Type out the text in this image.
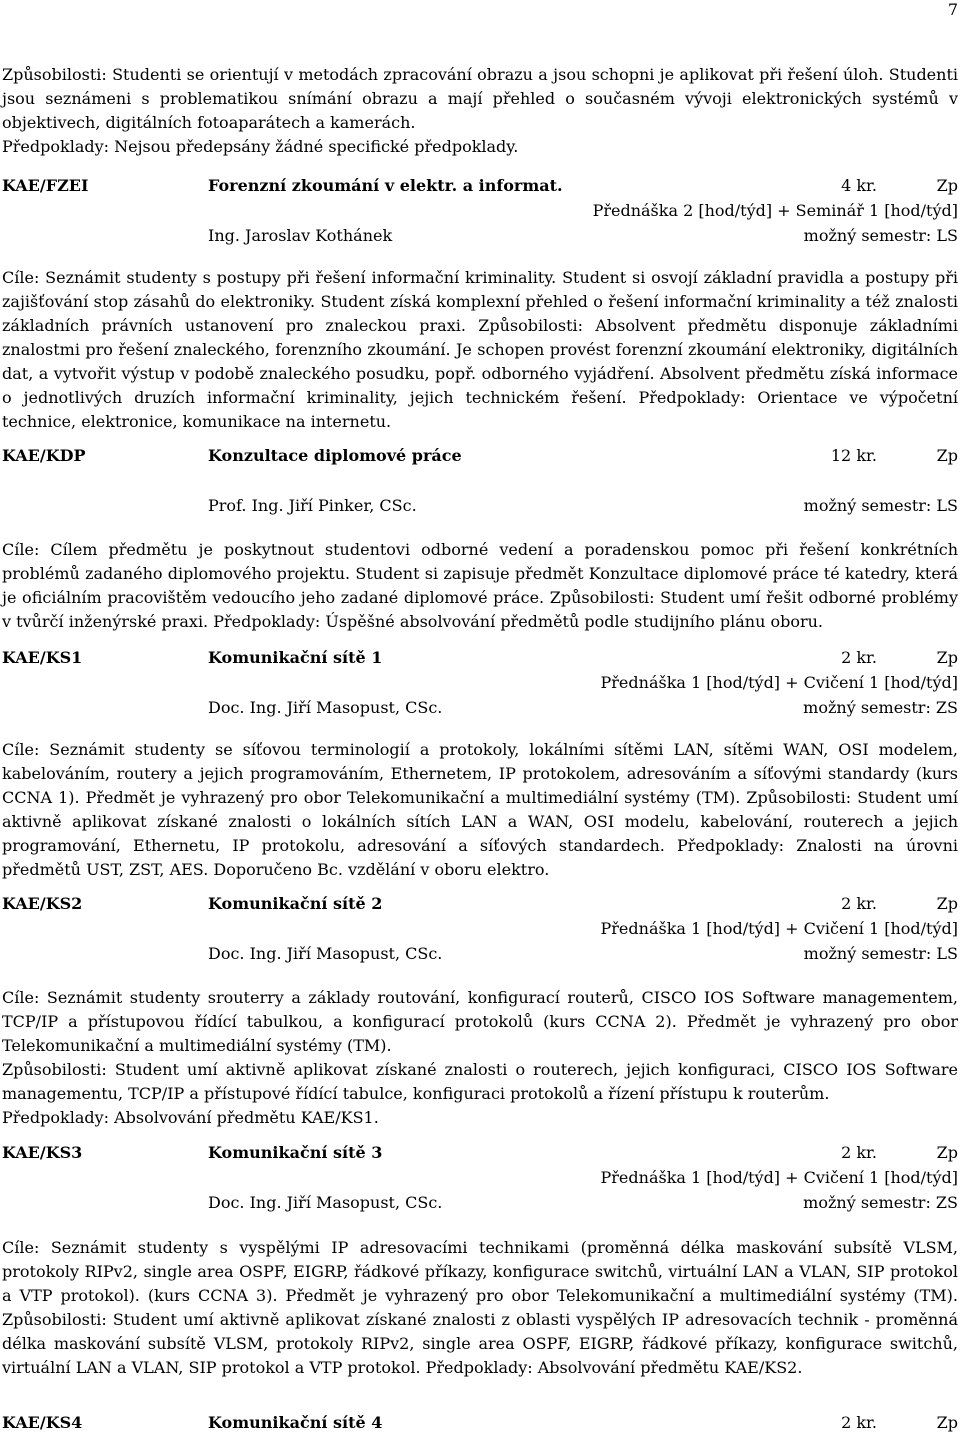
7
Způsobilosti: Studenti se orientují v metodách zpracování obrazu a jsou schopni je aplikovat při řešení úloh. Studenti jsou seznámeni s problematikou snímání obrazu a mají přehled o současném vývoji elektronických systémů v objektivech, digitálních fotoaparátech a kamerách.
Předpoklady: Nejsou předepsány žádné specifické předpoklady.
KAE/FZEI	Forenzní zkoumání v elektr. a informat.	4 kr.	Zp
Přednáška 2 [hod/týd] + Seminář 1 [hod/týd]
Ing. Jaroslav Kothánek	možný semestr: LS
Cíle: Seznámit studenty s postupy při řešení informační kriminality. Student si osvojí základní pravidla a postupy při zajišťování stop zásahů do elektroniky. Student získá komplexní přehled o řešení informační kriminality a též znalosti základních právních ustanovení pro znaleckou praxi. Způsobilosti: Absolvent předmětu disponuje základními znalostmi pro řešení znaleckého, forenzního zkoumání. Je schopen provést forenzní zkoumání elektroniky, digitálních dat, a vytvořit výstup v podobě znaleckého posudku, popř. odborného vyjádření. Absolvent předmětu získá informace o jednotlivých druzích informační kriminality, jejich technickém řešení. Předpoklady: Orientace ve výpočetní technice, elektronice, komunikace na internetu.
KAE/KDP	Konzultace diplomové práce	12 kr.	Zp
Prof. Ing. Jiří Pinker, CSc.	možný semestr: LS
Cíle: Cílem předmětu je poskytnout studentovi odborné vedení a poradenskou pomoc při řešení konkrétních problémů zadaného diplomového projektu. Student si zapisuje předmět Konzultace diplomové práce té katedry, která je oficiálním pracovištěm vedoucího jeho zadané diplomové práce. Způsobilosti: Student umí řešit odborné problémy v tvůrčí inženýrské praxi. Předpoklady: Úspěšné absolvování předmětů podle studijního plánu oboru.
KAE/KS1	Komunikační sítě 1	2 kr.	Zp
Přednáška 1 [hod/týd] + Cvičení 1 [hod/týd]
Doc. Ing. Jiří Masopust, CSc.	možný semestr: ZS
Cíle: Seznámit studenty se síťovou terminologií a protokoly, lokálními sítěmi LAN, sítěmi WAN, OSI modelem, kabelováním, routery a jejich programováním, Ethernetem, IP protokolem, adresováním a síťovými standardy (kurs CCNA 1). Předmět je vyhrazený pro obor Telekomunikační a multimediální systémy (TM). Způsobilosti: Student umí aktivně aplikovat získané znalosti o lokálních sítích LAN a WAN, OSI modelu, kabelování, routerech a jejich programování, Ethernetu, IP protokolu, adresování a síťových standardech. Předpoklady: Znalosti na úrovni předmětů UST, ZST, AES. Doporučeno Bc. vzdělání v oboru elektro.
KAE/KS2	Komunikační sítě 2	2 kr.	Zp
Přednáška 1 [hod/týd] + Cvičení 1 [hod/týd]
Doc. Ing. Jiří Masopust, CSc.	možný semestr: LS
Cíle: Seznámit studenty srouterry a základy routování, konfigurací routerů, CISCO IOS Software managementem, TCP/IP a přístupovou řídící tabulkou, a konfigurací protokolů (kurs CCNA 2). Předmět je vyhrazený pro obor Telekomunikační a multimediální systémy (TM).
Způsobilosti: Student umí aktivně aplikovat získané znalosti o routerech, jejich konfiguraci, CISCO IOS Software managementu, TCP/IP a přístupové řídící tabulce, konfiguraci protokolů a řízení přístupu k routerům.
Předpoklady: Absolvování předmětu KAE/KS1.
KAE/KS3	Komunikační sítě 3	2 kr.	Zp
Přednáška 1 [hod/týd] + Cvičení 1 [hod/týd]
Doc. Ing. Jiří Masopust, CSc.	možný semestr: ZS
Cíle: Seznámit studenty s vyspělými IP adresovacími technikami (proměnná délka maskování subsítě VLSM, protokoly RIPv2, single area OSPF, EIGRP, řádkové příkazy, konfigurace switchů, virtuální LAN a VLAN, SIP protokol a VTP protokol). (kurs CCNA 3). Předmět je vyhrazený pro obor Telekomunikační a multimediální systémy (TM). Způsobilosti: Student umí aktivně aplikovat získané znalosti z oblasti vyspělých IP adresovacích technik - proměnná délka maskování subsítě VLSM, protokoly RIPv2, single area OSPF, EIGRP, řádkové příkazy, konfigurace switchů, virtuální LAN a VLAN, SIP protokol a VTP protokol. Předpoklady: Absolvování předmětu KAE/KS2.
KAE/KS4	Komunikační sítě 4	2 kr.	Zp
